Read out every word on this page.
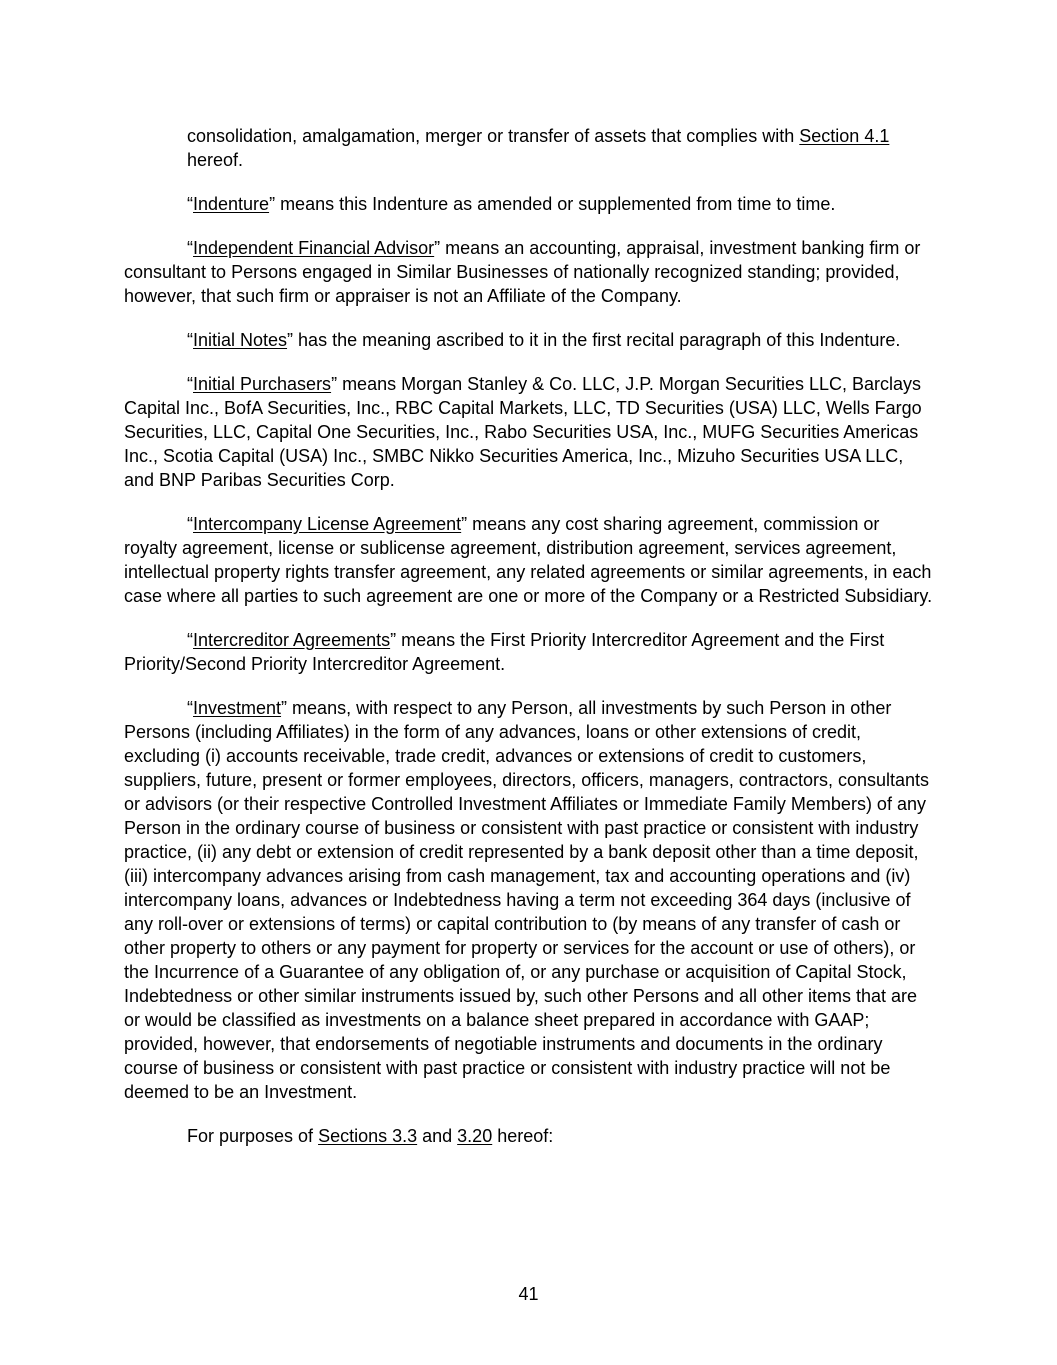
consolidation, amalgamation, merger or transfer of assets that complies with Section 4.1 hereof.

“Indenture” means this Indenture as amended or supplemented from time to time.

“Independent Financial Advisor” means an accounting, appraisal, investment banking firm or consultant to Persons engaged in Similar Businesses of nationally recognized standing; provided, however, that such firm or appraiser is not an Affiliate of the Company.

“Initial Notes” has the meaning ascribed to it in the first recital paragraph of this Indenture.

“Initial Purchasers” means Morgan Stanley & Co. LLC, J.P. Morgan Securities LLC, Barclays Capital Inc., BofA Securities, Inc., RBC Capital Markets, LLC, TD Securities (USA) LLC, Wells Fargo Securities, LLC, Capital One Securities, Inc., Rabo Securities USA, Inc., MUFG Securities Americas Inc., Scotia Capital (USA) Inc., SMBC Nikko Securities America, Inc., Mizuho Securities USA LLC, and BNP Paribas Securities Corp.

“Intercompany License Agreement” means any cost sharing agreement, commission or royalty agreement, license or sublicense agreement, distribution agreement, services agreement, intellectual property rights transfer agreement, any related agreements or similar agreements, in each case where all parties to such agreement are one or more of the Company or a Restricted Subsidiary.

“Intercreditor Agreements” means the First Priority Intercreditor Agreement and the First Priority/Second Priority Intercreditor Agreement.

“Investment” means, with respect to any Person, all investments by such Person in other Persons (including Affiliates) in the form of any advances, loans or other extensions of credit, excluding (i) accounts receivable, trade credit, advances or extensions of credit to customers, suppliers, future, present or former employees, directors, officers, managers, contractors, consultants or advisors (or their respective Controlled Investment Affiliates or Immediate Family Members) of any Person in the ordinary course of business or consistent with past practice or consistent with industry practice, (ii) any debt or extension of credit represented by a bank deposit other than a time deposit, (iii) intercompany advances arising from cash management, tax and accounting operations and (iv) intercompany loans, advances or Indebtedness having a term not exceeding 364 days (inclusive of any roll-over or extensions of terms) or capital contribution to (by means of any transfer of cash or other property to others or any payment for property or services for the account or use of others), or the Incurrence of a Guarantee of any obligation of, or any purchase or acquisition of Capital Stock, Indebtedness or other similar instruments issued by, such other Persons and all other items that are or would be classified as investments on a balance sheet prepared in accordance with GAAP; provided, however, that endorsements of negotiable instruments and documents in the ordinary course of business or consistent with past practice or consistent with industry practice will not be deemed to be an Investment.

For purposes of Sections 3.3 and 3.20 hereof:

41
